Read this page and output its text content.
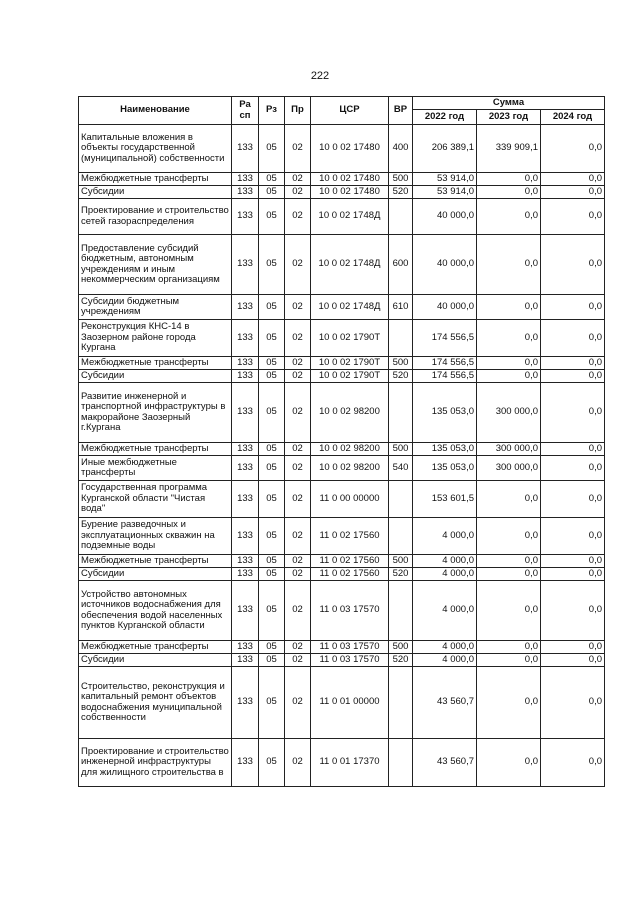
222
Наименование	Ра сп	Рз	Пр	ЦСР	ВР	Сумма		
						2022 год	2023 год	2024 год
Капитальные вложения в объекты государственной (муниципальной) собственности	133	05	02	10 0 02 17480	400	206 389,1	339 909,1	0,0
Межбюджетные трансферты	133	05	02	10 0 02 17480	500	53 914,0	0,0	0,0
Субсидии	133	05	02	10 0 02 17480	520	53 914,0	0,0	0,0
Проектирование и строительство сетей газораспределения	133	05	02	10 0 02 1748Д		40 000,0	0,0	0,0
Предоставление субсидий бюджетным, автономным учреждениям и иным некоммерческим организациям	133	05	02	10 0 02 1748Д	600	40 000,0	0,0	0,0
Субсидии бюджетным учреждениям	133	05	02	10 0 02 1748Д	610	40 000,0	0,0	0,0
Реконструкция КНС-14 в Заозерном районе города Кургана	133	05	02	10 0 02 1790Т		174 556,5	0,0	0,0
Межбюджетные трансферты	133	05	02	10 0 02 1790Т	500	174 556,5	0,0	0,0
Субсидии	133	05	02	10 0 02 1790Т	520	174 556,5	0,0	0,0
Развитие инженерной и транспортной инфраструктуры в макрорайоне Заозерный г.Кургана	133	05	02	10 0 02 98200		135 053,0	300 000,0	0,0
Межбюджетные трансферты	133	05	02	10 0 02 98200	500	135 053,0	300 000,0	0,0
Иные межбюджетные трансферты	133	05	02	10 0 02 98200	540	135 053,0	300 000,0	0,0
Государственная программа Курганской области "Чистая вода"	133	05	02	11 0 00 00000		153 601,5	0,0	0,0
Бурение разведочных и эксплуатационных скважин на подземные воды	133	05	02	11 0 02 17560		4 000,0	0,0	0,0
Межбюджетные трансферты	133	05	02	11 0 02 17560	500	4 000,0	0,0	0,0
Субсидии	133	05	02	11 0 02 17560	520	4 000,0	0,0	0,0
Устройство автономных источников водоснабжения для обеспечения водой населенных пунктов Курганской области	133	05	02	11 0 03 17570		4 000,0	0,0	0,0
Межбюджетные трансферты	133	05	02	11 0 03 17570	500	4 000,0	0,0	0,0
Субсидии	133	05	02	11 0 03 17570	520	4 000,0	0,0	0,0
Строительство, реконструкция и капитальный ремонт объектов водоснабжения муниципальной собственности	133	05	02	11 0 01 00000		43 560,7	0,0	0,0
Проектирование и строительство инженерной инфраструктуры для жилищного строительства в	133	05	02	11 0 01 17370		43 560,7	0,0	0,0
